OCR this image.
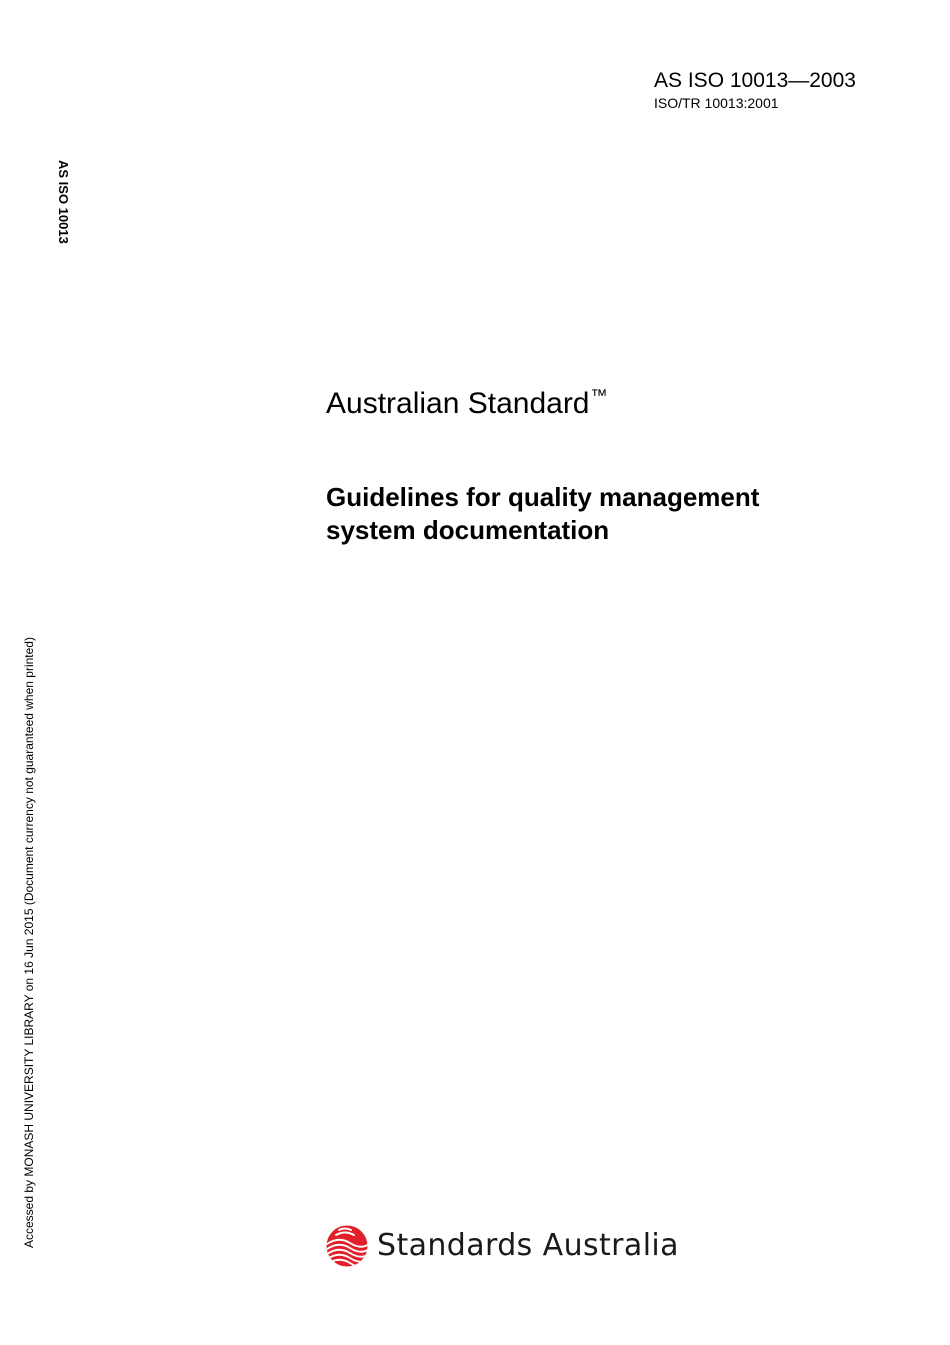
AS ISO 10013—2003
ISO/TR 10013:2001
AS ISO 10013
Accessed by MONASH UNIVERSITY LIBRARY on 16 Jun 2015 (Document currency not guaranteed when printed)
Australian Standard™
Guidelines for quality management
system documentation
Standards Australia
